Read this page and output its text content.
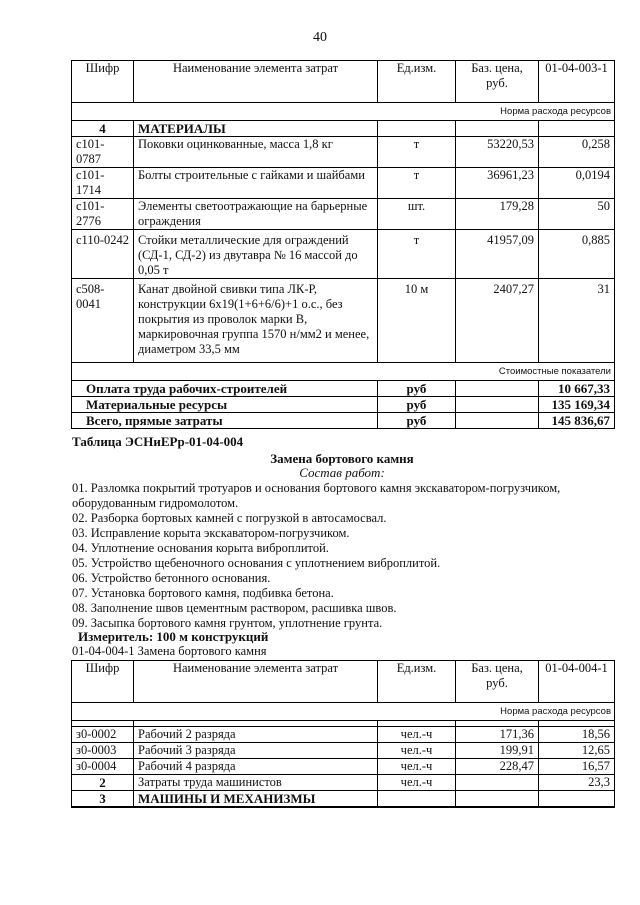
40
Шифр	Наименование элемента затрат	Ед.изм.	Баз. цена, руб.	01-04-003-1
Норма расхода ресурсов				
4	МАТЕРИАЛЫ			
с101-0787	Поковки оцинкованные, масса 1,8 кг	т	53220,53	0,258
с101-1714	Болты строительные с гайками и шайбами	т	36961,23	0,0194
с101-2776	Элементы светоотражающие на барьерные ограждения	шт.	179,28	50
с110-0242	Стойки металлические для ограждений (СД-1, СД-2) из двутавра № 16 массой до 0,05 т	т	41957,09	0,885
с508-0041	Канат двойной свивки типа ЛК-Р, конструкции 6х19(1+6+6/6)+1 о.с., без покрытия из проволок марки В, маркировочная группа 1570 н/мм2 и менее, диаметром 33,5 мм	10 м	2407,27	31
Стоимостные показатели				
Оплата труда рабочих-строителей		руб		10 667,33
Материальные ресурсы		руб		135 169,34
Всего, прямые затраты		руб		145 836,67
Таблица ЭСНиЕРр-01-04-004
Замена бортового камня
Состав работ:
01. Разломка покрытий тротуаров и основания бортового камня экскаватором-погрузчиком, оборудованным гидромолотом.
02. Разборка бортовых камней с погрузкой в автосамосвал.
03. Исправление корыта экскаватором-погрузчиком.
04. Уплотнение основания корыта виброплитой.
05. Устройство щебеночного основания с уплотнением виброплитой.
06. Устройство бетонного основания.
07. Установка бортового камня, подбивка бетона.
08. Заполнение швов цементным раствором, расшивка швов.
09. Засыпка бортового камня грунтом, уплотнение грунта.
Измеритель: 100 м конструкций
01-04-004-1 Замена бортового камня
Шифр	Наименование элемента затрат	Ед.изм.	Баз. цена, руб.	01-04-004-1
Норма расхода ресурсов				

з0-0002	Рабочий 2 разряда	чел.-ч	171,36	18,56
з0-0003	Рабочий 3 разряда	чел.-ч	199,91	12,65
з0-0004	Рабочий 4 разряда	чел.-ч	228,47	16,57
2	Затраты труда машинистов	чел.-ч		23,3
3	МАШИНЫ И МЕХАНИЗМЫ			
